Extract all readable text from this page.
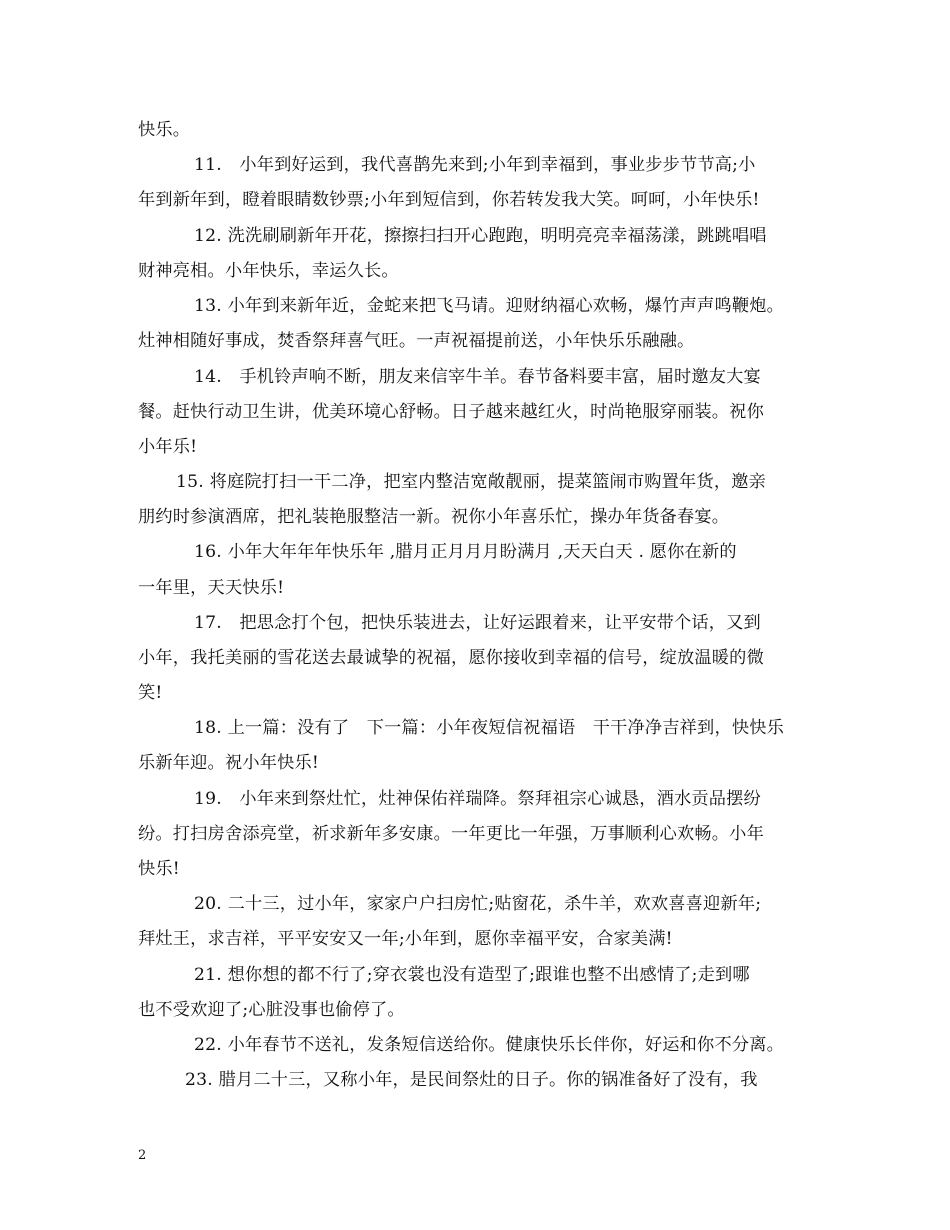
快乐。
11.　小年到好运到，我代喜鹊先来到;小年到幸福到，事业步步节节高;小
年到新年到，瞪着眼睛数钞票;小年到短信到，你若转发我大笑。呵呵，小年快乐!
12. 洗洗刷刷新年开花，擦擦扫扫开心跑跑，明明亮亮幸福荡漾，跳跳唱唱
财神亮相。小年快乐，幸运久长。
13. 小年到来新年近，金蛇来把飞马请。迎财纳福心欢畅，爆竹声声鸣鞭炮。
灶神相随好事成，焚香祭拜喜气旺。一声祝福提前送，小年快乐乐融融。
14.　手机铃声响不断，朋友来信宰牛羊。春节备料要丰富，届时邀友大宴
餐。赶快行动卫生讲，优美环境心舒畅。日子越来越红火，时尚艳服穿丽装。祝你
小年乐!
15. 将庭院打扫一干二净，把室内整洁宽敞靓丽，提菜篮闹市购置年货，邀亲
朋约时参演酒席，把礼装艳服整洁一新。祝你小年喜乐忙，操办年货备春宴。
16. 小年大年年年快乐年 ,腊月正月月月盼满月 ,天天白天 . 愿你在新的
一年里，天天快乐!
17.　把思念打个包，把快乐装进去，让好运跟着来，让平安带个话，又到
小年，我托美丽的雪花送去最诚挚的祝福，愿你接收到幸福的信号，绽放温暖的微
笑!
18. 上一篇：没有了　下一篇：小年夜短信祝福语　干干净净吉祥到，快快乐
乐新年迎。祝小年快乐!
19.　小年来到祭灶忙，灶神保佑祥瑞降。祭拜祖宗心诚恳，酒水贡品摆纷
纷。打扫房舍添亮堂，祈求新年多安康。一年更比一年强，万事顺利心欢畅。小年
快乐!
20. 二十三，过小年，家家户户扫房忙;贴窗花，杀牛羊，欢欢喜喜迎新年;
拜灶王，求吉祥，平平安安又一年;小年到，愿你幸福平安，合家美满!
21. 想你想的都不行了;穿衣裳也没有造型了;跟谁也整不出感情了;走到哪
也不受欢迎了;心脏没事也偷停了。
22. 小年春节不送礼，发条短信送给你。健康快乐长伴你，好运和你不分离。
23. 腊月二十三，又称小年，是民间祭灶的日子。你的锅准备好了没有，我
2
